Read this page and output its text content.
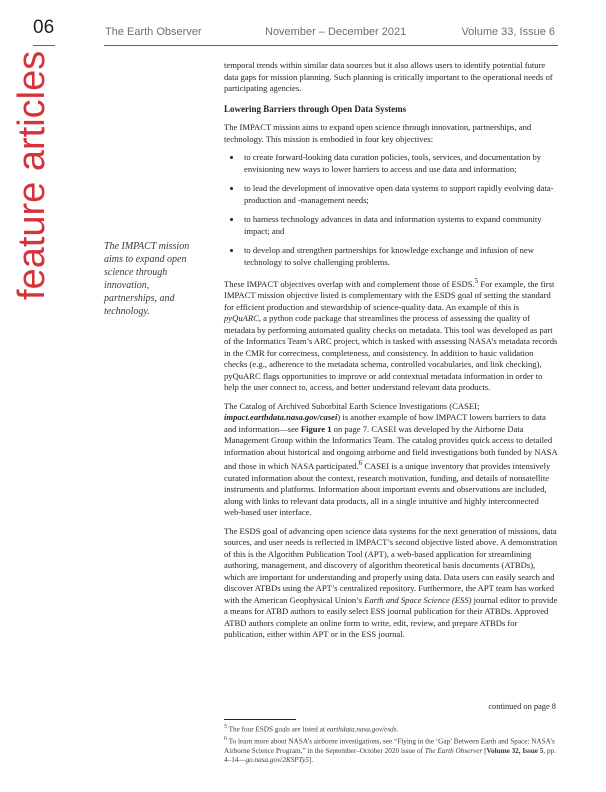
06	The Earth Observer	November – December 2021	Volume 33, Issue 6
feature articles	The IMPACT mission aims to expand open science through innovation, partnerships, and technology.

temporal trends within similar data sources but it also allows users to identify potential future data gaps for mission planning. Such planning is critically important to the operational needs of participating agencies.

Lowering Barriers through Open Data Systems

The IMPACT mission aims to expand open science through innovation, partnerships, and technology. This mission is embodied in four key objectives:

• to create forward-looking data curation policies, tools, services, and documentation by envisioning new ways to lower barriers to access and use data and information;
• to lead the development of innovative open data systems to support rapidly evolving data-production and -management needs;
• to harness technology advances in data and information systems to expand community impact; and
• to develop and strengthen partnerships for knowledge exchange and infusion of new technology to solve challenging problems.

These IMPACT objectives overlap with and complement those of ESDS.$^5$ For example, the first IMPACT mission objective listed is complementary with the ESDS goal of setting the standard for efficient production and stewardship of science-quality data. An example of this is pyQuARC, a python code package that streamlines the process of assessing the quality of metadata by performing automated quality checks on metadata. This tool was developed as part of the Informatics Team’s ARC project, which is tasked with assessing NASA’s metadata records in the CMR for correctness, completeness, and consistency. In addition to basic validation checks (e.g., adherence to the metadata schema, controlled vocabularies, and link checking), pyQuARC flags opportunities to improve or add contextual metadata information in order to help the user connect to, access, and better understand relevant data products.

The Catalog of Archived Suborbital Earth Science Investigations (CASEI; impact.earthdata.nasa.gov/casei) is another example of how IMPACT lowers barriers to data and information—see Figure 1 on page 7. CASEI was developed by the Airborne Data Management Group within the Informatics Team. The catalog provides quick access to detailed information about historical and ongoing airborne and field investigations both funded by NASA and those in which NASA participated.$^6$ CASEI is a unique inventory that provides intensively curated information about the context, research motivation, funding, and details of nonsatellite instruments and platforms. Information about important events and observations are included, along with links to relevant data products, all in a single intuitive and highly interconnected web-based user interface.

The ESDS goal of advancing open science data systems for the next generation of missions, data sources, and user needs is reflected in IMPACT’s second objective listed above. A demonstration of this is the Algorithm Publication Tool (APT), a web-based application for streamlining authoring, management, and discovery of algorithm theoretical basis documents (ATBDs), which are important for understanding and properly using data. Data users can easily search and discover ATBDs using the APT’s centralized repository. Furthermore, the APT team has worked with the American Geophysical Union’s Earth and Space Science (ESS) journal editor to provide a means for ATBD authors to easily select ESS journal publication for their ATBDs. Approved ATBD authors complete an online form to write, edit, review, and prepare ATBDs for publication, either within APT or in the ESS journal.

continued on page 8

$^5$ The four ESDS goals are listed at earthdata.nasa.gov/esds.

$^6$ To learn more about NASA’s airborne investigations, see “Flying in the ‘Gap’ Between Earth and Space: NASA’s Airborne Science Program,” in the September–October 2020 issue of The Earth Observer [Volume 32, Issue 5, pp. 4–14—go.nasa.gov/2KSPTy5].
